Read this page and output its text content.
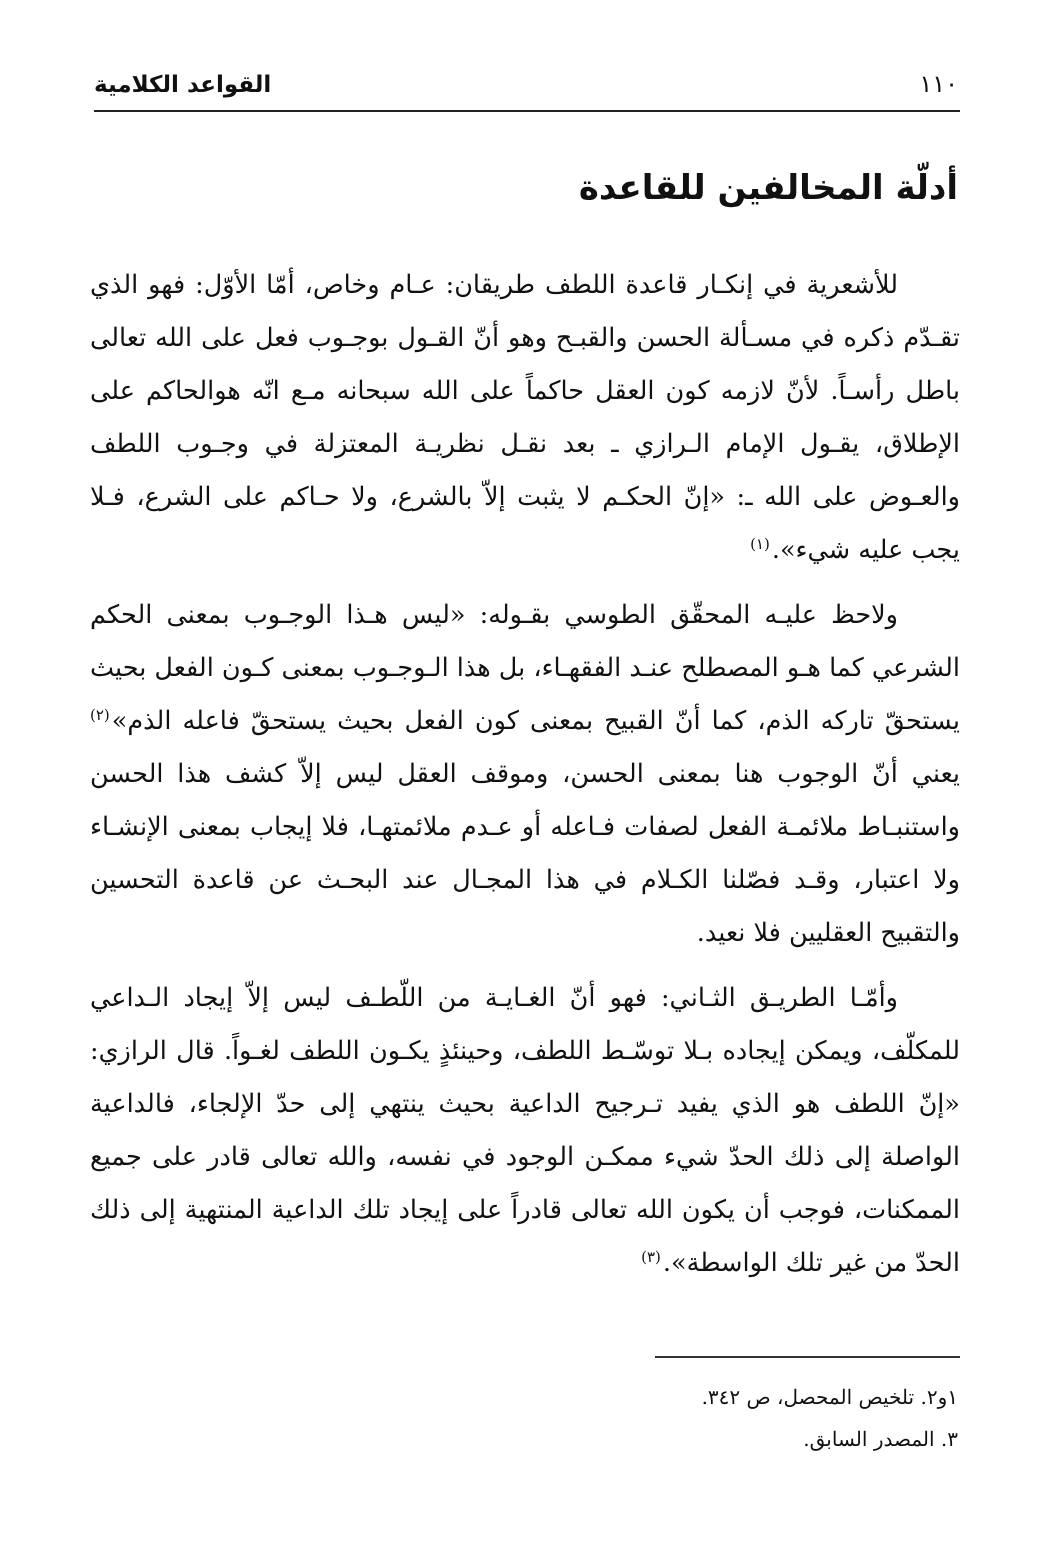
١١٠
القواعد الكلامية
أدلّة المخالفين للقاعدة

للأشعرية في إنكـار قاعدة اللطف طريقان: عـام وخاص، أمّا الأوّل: فهو الذي تقـدّم ذكره في مسـألة الحسن والقبـح وهو أنّ القـول بوجـوب فعل على الله تعالى باطل رأسـاً. لأنّ لازمه كون العقل حاكماً على الله سبحانه مـع انّه هوالحاكم على الإطلاق، يقـول الإمام الـرازي ـ بعد نقـل نظريـة المعتزلة في وجـوب اللطف والعـوض على الله ـ: «إنّ الحكـم لا يثبت إلاّ بالشرع، ولا حـاكم على الشرع، فـلا يجب عليه شيء».$^{(١)}$

ولاحظ عليـه المحقّق الطوسي بقـوله: «ليس هـذا الوجـوب بمعنى الحكم الشرعي كما هـو المصطلح عنـد الفقهـاء، بل هذا الـوجـوب بمعنى كـون الفعل بحيث يستحقّ تاركه الذم، كما أنّ القبيح بمعنى كون الفعل بحيث يستحقّ فاعله الذم»$^{(٢)}$ يعني أنّ الوجوب هنا بمعنى الحسن، وموقف العقل ليس إلاّ كشف هذا الحسن واستنبـاط ملائمـة الفعل لصفات فـاعله أو عـدم ملائمتهـا، فلا إيجاب بمعنى الإنشـاء ولا اعتبار، وقـد فصّلنا الكـلام في هذا المجـال عند البحـث عن قاعدة التحسين والتقبيح العقليين فلا نعيد.

وأمّـا الطريـق الثـاني: فهو أنّ الغـايـة من اللّطـف ليس إلاّ إيجاد الـداعي للمكلّف، ويمكن إيجاده بـلا توسّـط اللطف، وحينئذٍ يكـون اللطف لغـواً. قال الرازي: «إنّ اللطف هو الذي يفيد تـرجيح الداعية بحيث ينتهي إلى حدّ الإلجاء، فالداعية الواصلة إلى ذلك الحدّ شيء ممكـن الوجود في نفسه، والله تعالى قادر على جميع الممكنات، فوجب أن يكون الله تعالى قادراً على إيجاد تلك الداعية المنتهية إلى ذلك الحدّ من غير تلك الواسطة».$^{(٣)}$

١و٢. تلخيص المحصل، ص ٣٤٢.

٣. المصدر السابق.
